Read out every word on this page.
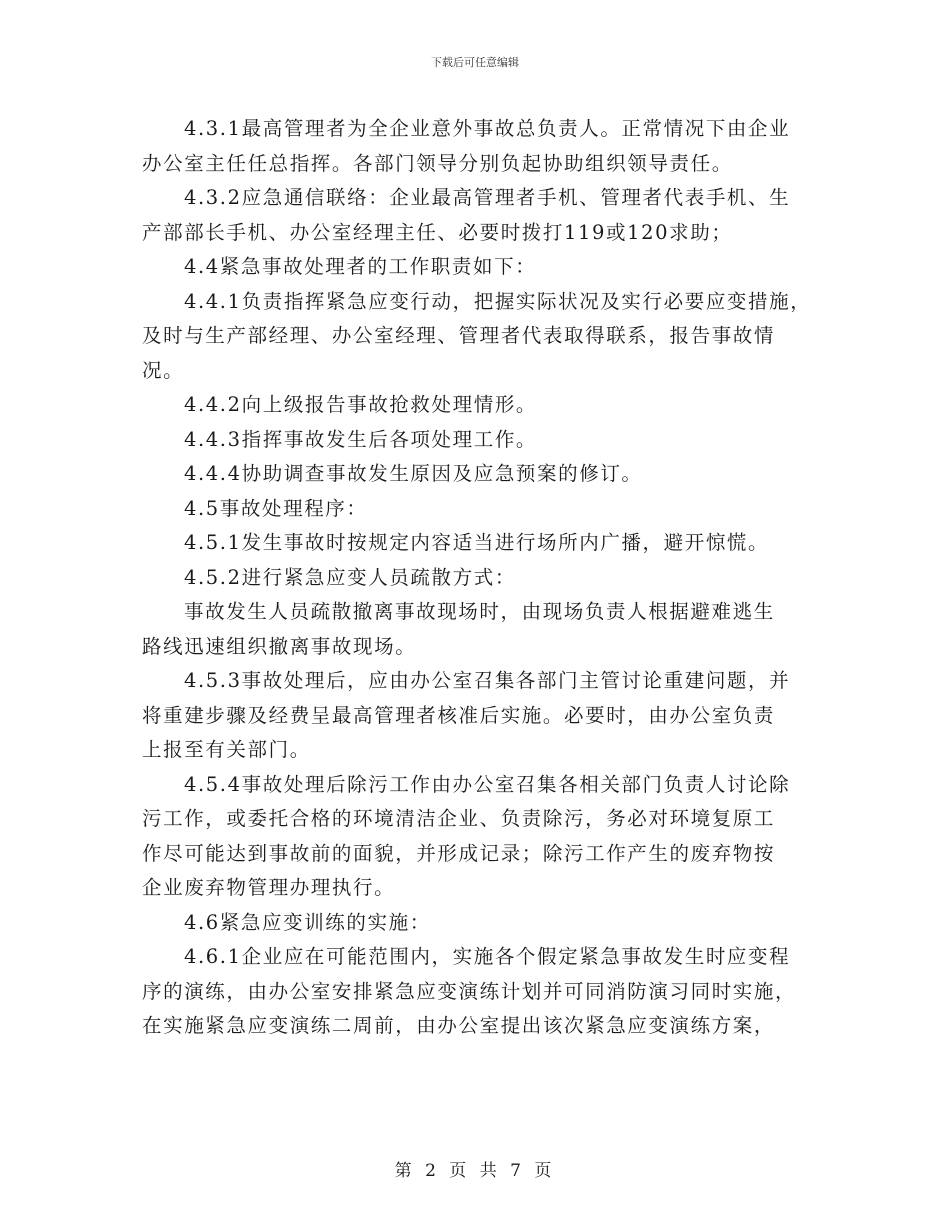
下载后可任意编辑
4.3.1最高管理者为全企业意外事故总负责人。正常情况下由企业
办公室主任任总指挥。各部门领导分别负起协助组织领导责任。
4.3.2应急通信联络：企业最高管理者手机、管理者代表手机、生
产部部长手机、办公室经理主任、必要时拨打119或120求助；
4.4紧急事故处理者的工作职责如下：
4.4.1负责指挥紧急应变行动，把握实际状况及实行必要应变措施，
及时与生产部经理、办公室经理、管理者代表取得联系，报告事故情
况。
4.4.2向上级报告事故抢救处理情形。
4.4.3指挥事故发生后各项处理工作。
4.4.4协助调查事故发生原因及应急预案的修订。
4.5事故处理程序：
4.5.1发生事故时按规定内容适当进行场所内广播，避开惊慌。
4.5.2进行紧急应变人员疏散方式：
事故发生人员疏散撤离事故现场时，由现场负责人根据避难逃生
路线迅速组织撤离事故现场。
4.5.3事故处理后，应由办公室召集各部门主管讨论重建问题，并
将重建步骤及经费呈最高管理者核准后实施。必要时，由办公室负责
上报至有关部门。
4.5.4事故处理后除污工作由办公室召集各相关部门负责人讨论除
污工作，或委托合格的环境清洁企业、负责除污，务必对环境复原工
作尽可能达到事故前的面貌，并形成记录；除污工作产生的废弃物按
企业废弃物管理办理执行。
4.6紧急应变训练的实施：
4.6.1企业应在可能范围内，实施各个假定紧急事故发生时应变程
序的演练，由办公室安排紧急应变演练计划并可同消防演习同时实施，
在实施紧急应变演练二周前，由办公室提出该次紧急应变演练方案，
第 2 页 共 7 页
